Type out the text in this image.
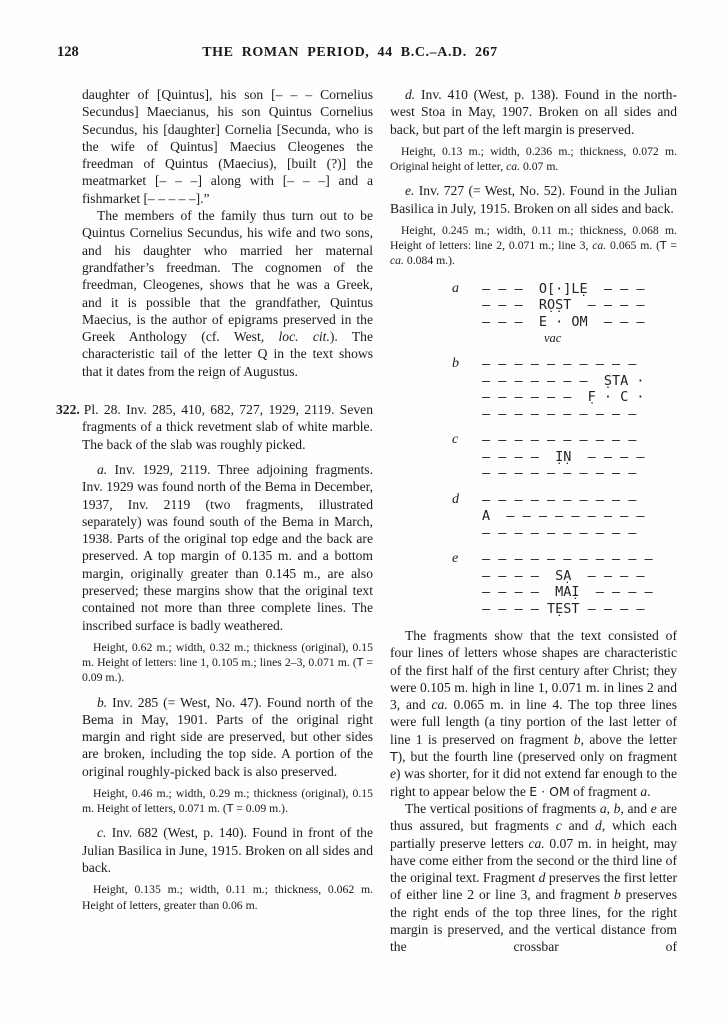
128	THE ROMAN PERIOD, 44 B.C.–A.D. 267

daughter of [Quintus], his son [– – – Cornelius Secundus] Maecianus, his son Quintus Cornelius Secundus, his [daughter] Cornelia [Secunda, who is the wife of Quintus] Maecius Cleogenes the freedman of Quintus (Maecius), [built (?)] the meatmarket [– – –] along with [– – –] and a fishmarket [– – – – –].”

The members of the family thus turn out to be Quintus Cornelius Secundus, his wife and two sons, and his daughter who married her maternal grandfather’s freedman. The cognomen of the freedman, Cleogenes, shows that he was a Greek, and it is possible that the grandfather, Quintus Maecius, is the author of epigrams preserved in the Greek Anthology (cf. West, loc. cit.). The characteristic tail of the letter Q in the text shows that it dates from the reign of Augustus.

322. Pl. 28. Inv. 285, 410, 682, 727, 1929, 2119. Seven fragments of a thick revetment slab of white marble. The back of the slab was roughly picked.

a. Inv. 1929, 2119. Three adjoining fragments. Inv. 1929 was found north of the Bema in December, 1937, Inv. 2119 (two fragments, illustrated separately) was found south of the Bema in March, 1938. Parts of the original top edge and the back are preserved. A top margin of 0.135 m. and a bottom margin, originally greater than 0.145 m., are also preserved; these margins show that the original text contained not more than three complete lines. The inscribed surface is badly weathered.

Height, 0.62 m.; width, 0.32 m.; thickness (original), 0.15 m. Height of letters: line 1, 0.105 m.; lines 2–3, 0.071 m. (T = 0.09 m.).

b. Inv. 285 (= West, No. 47). Found north of the Bema in May, 1901. Parts of the original right margin and right side are preserved, but other sides are broken, including the top side. A portion of the original roughly-picked back is also preserved.

Height, 0.46 m.; width, 0.29 m.; thickness (original), 0.15 m. Height of letters, 0.071 m. (T = 0.09 m.).

c. Inv. 682 (West, p. 140). Found in front of the Julian Basilica in June, 1915. Broken on all sides and back.

Height, 0.135 m.; width, 0.11 m.; thickness, 0.062 m. Height of letters, greater than 0.06 m.

d. Inv. 410 (West, p. 138). Found in the north-west Stoa in May, 1907. Broken on all sides and back, but part of the left margin is preserved.

Height, 0.13 m.; width, 0.236 m.; thickness, 0.072 m. Original height of letter, ca. 0.07 m.

e. Inv. 727 (= West, No. 52). Found in the Julian Basilica in July, 1915. Broken on all sides and back.

Height, 0.245 m.; width, 0.11 m.; thickness, 0.068 m. Height of letters: line 2, 0.071 m.; line 3, ca. 0.065 m. (T = ca. 0.084 m.).

a	– – –  O[·]LẸ  – – –
– – –  RỌṢT  – – – –
– – –  E · OM  – – –
vac
b	– – – – – – – – – –
– – – – – – –  ṢTA ·
– – – – – –  F̣ · C ·
– – – – – – – – – –
c	– – – – – – – – – –
– – – –  ỊṆ  – – – –
– – – – – – – – – –
d	– – – – – – – – – –
A  – – – – – – – – –
– – – – – – – – – –
e	– – – – – – – – – – –
– – – –  SẠ  – – – –
– – – –  MAỊ  – – – –
– – – – TẸST – – – –

The fragments show that the text consisted of four lines of letters whose shapes are characteristic of the first half of the first century after Christ; they were 0.105 m. high in line 1, 0.071 m. in lines 2 and 3, and ca. 0.065 m. in line 4. The top three lines were full length (a tiny portion of the last letter of line 1 is preserved on fragment b, above the letter T), but the fourth line (preserved only on fragment e) was shorter, for it did not extend far enough to the right to appear below the E · OM of fragment a.

The vertical positions of fragments a, b, and e are thus assured, but fragments c and d, which each partially preserve letters ca. 0.07 m. in height, may have come either from the second or the third line of the original text. Fragment d preserves the first letter of either line 2 or line 3, and fragment b preserves the right ends of the top three lines, for the right margin is preserved, and the vertical distance from the crossbar of
